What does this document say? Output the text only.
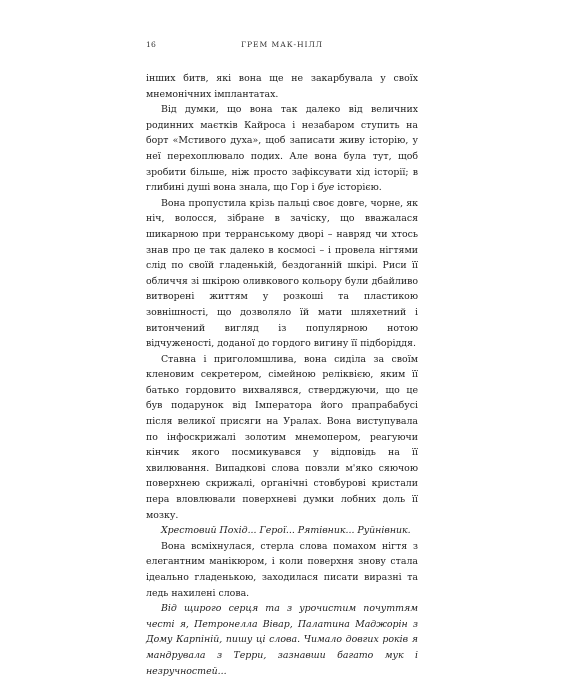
16	ГРЕМ МАК-НІЛЛ

інших битв, які вона ще не закарбувала у своїх мнемонічних імплантатах.

Від думки, що вона так далеко від величних родинних маєтків Кайроса і незабаром ступить на борт «Мстивого духа», щоб записати живу історію, у неї перехоплювало подих. Але вона була тут, щоб зробити більше, ніж просто зафіксувати хід історії; в глибині душі вона знала, що Гор і буе історією.

Вона пропустила крізь пальці своє довге, чорне, як ніч, волосся, зібране в зачіску, що вважалася шикарною при терранському дворі – навряд чи хтось знав про це так далеко в космосі – і провела нігтями слід по своїй гладенькій, бездоганній шкірі. Риси її обличчя зі шкірою оливкового кольору були дбайливо витворені життям у розкоші та пластикою зовнішності, що дозволяло їй мати шляхетний і витончений вигляд із популярною нотою відчуженості, доданої до гордого вигину її підборіддя.

Ставна і приголомшлива, вона сиділа за своїм кленовим секретером, сімейною реліквією, яким її батько гордовито вихвалявся, стверджуючи, що це був подарунок від Імператора його прапрабабусі після великої присяги на Уралах. Вона виступувала по інфоскрижалі золотим мнемопером, реагуючи кінчик якого посмикувався у відповідь на її хвилювання. Випадкові слова повзли м'яко сяючою поверхнею скрижалі, органічні стовбурові кристали пера вловлювали поверхневі думки лобних доль її мозку.

Хрестовий Похід... Герої... Рятівник... Руйнівник.

Вона всміхнулася, стерла слова помахом нігтя з елегантним манікюром, і коли поверхня знову стала ідеально гладенькою, заходилася писати виразні та ледь нахилені слова.

Від щирого серця та з урочистим почуттям честі я, Петронелла Вівар, Палатина Маджорін з Дому Карпіній, пишу ці слова. Чимало довгих років я мандрувала з Терри, зазнавши багато мук і незручностей...
